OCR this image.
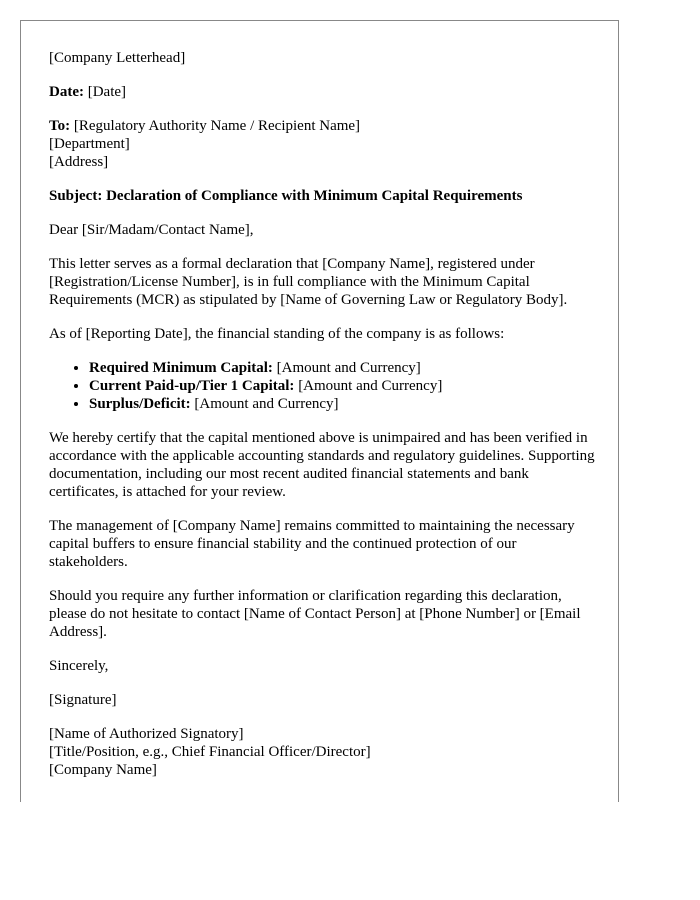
[Company Letterhead]

Date: [Date]

To: [Regulatory Authority Name / Recipient Name]

[Department]

[Address]

Subject: Declaration of Compliance with Minimum Capital Requirements

Dear [Sir/Madam/Contact Name],

This letter serves as a formal declaration that [Company Name], registered under [Registration/License Number], is in full compliance with the Minimum Capital Requirements (MCR) as stipulated by [Name of Governing Law or Regulatory Body].

As of [Reporting Date], the financial standing of the company is as follows:

• Required Minimum Capital: [Amount and Currency]
• Current Paid-up/Tier 1 Capital: [Amount and Currency]
• Surplus/Deficit: [Amount and Currency]

We hereby certify that the capital mentioned above is unimpaired and has been verified in accordance with the applicable accounting standards and regulatory guidelines. Supporting documentation, including our most recent audited financial statements and bank certificates, is attached for your review.

The management of [Company Name] remains committed to maintaining the necessary capital buffers to ensure financial stability and the continued protection of our stakeholders.

Should you require any further information or clarification regarding this declaration, please do not hesitate to contact [Name of Contact Person] at [Phone Number] or [Email Address].

Sincerely,

[Signature]

[Name of Authorized Signatory]

[Title/Position, e.g., Chief Financial Officer/Director]

[Company Name]
